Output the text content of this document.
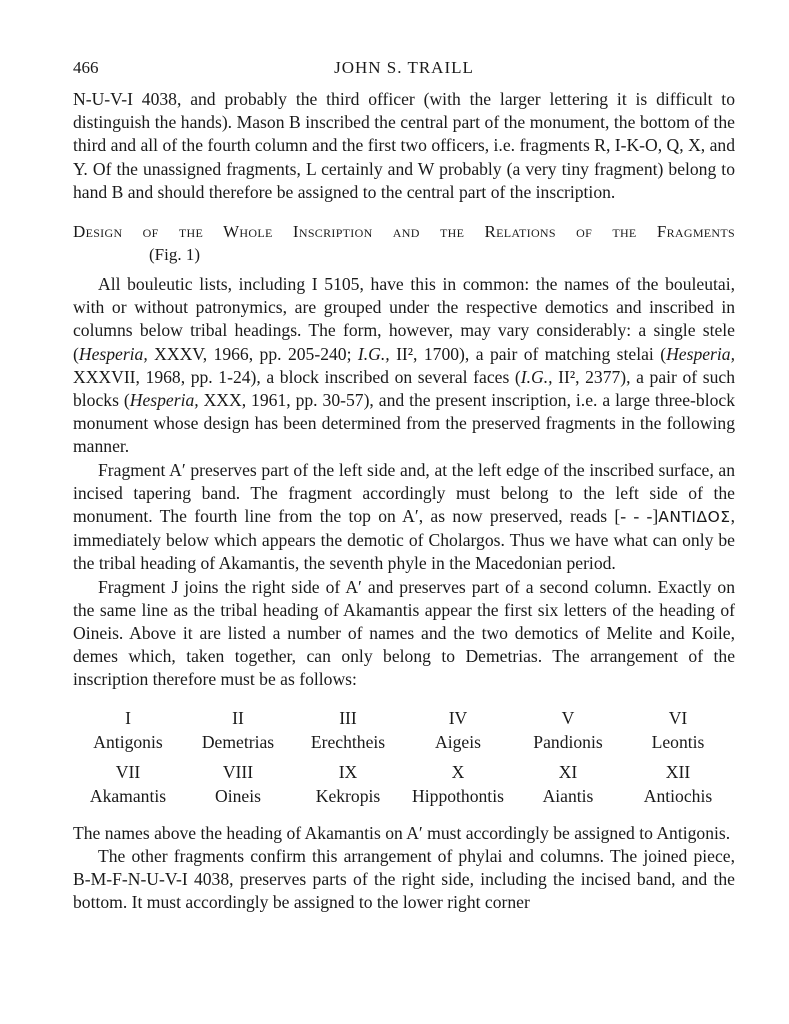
466	JOHN S. TRAILL

N-U-V-I 4038, and probably the third officer (with the larger lettering it is difficult to distinguish the hands). Mason B inscribed the central part of the monument, the bottom of the third and all of the fourth column and the first two officers, i.e. fragments R, I-K-O, Q, X, and Y. Of the unassigned fragments, L certainly and W probably (a very tiny fragment) belong to hand B and should therefore be assigned to the central part of the inscription.

Design of the Whole Inscription and the Relations of the Fragments
(Fig. 1)

All bouleutic lists, including I 5105, have this in common: the names of the bouleutai, with or without patronymics, are grouped under the respective demotics and inscribed in columns below tribal headings. The form, however, may vary considerably: a single stele (Hesperia, XXXV, 1966, pp. 205-240; I.G., II², 1700), a pair of matching stelai (Hesperia, XXXVII, 1968, pp. 1-24), a block inscribed on several faces (I.G., II², 2377), a pair of such blocks (Hesperia, XXX, 1961, pp. 30-57), and the present inscription, i.e. a large three-block monument whose design has been determined from the preserved fragments in the following manner.

Fragment A′ preserves part of the left side and, at the left edge of the inscribed surface, an incised tapering band. The fragment accordingly must belong to the left side of the monument. The fourth line from the top on A′, as now preserved, reads [- - -]ΑΝΤΙΔΟΣ, immediately below which appears the demotic of Cholargos. Thus we have what can only be the tribal heading of Akamantis, the seventh phyle in the Macedonian period.

Fragment J joins the right side of A′ and preserves part of a second column. Exactly on the same line as the tribal heading of Akamantis appear the first six letters of the heading of Oineis. Above it are listed a number of names and the two demotics of Melite and Koile, demes which, taken together, can only belong to Demetrias. The arrangement of the inscription therefore must be as follows:

I
Antigonis
II
Demetrias
III
Erechtheis
IV
Aigeis
V
Pandionis
VI
Leontis
VII
Akamantis
VIII
Oineis
IX
Kekropis
X
Hippothontis
XI
Aiantis
XII
Antiochis

The names above the heading of Akamantis on A′ must accordingly be assigned to Antigonis.

The other fragments confirm this arrangement of phylai and columns. The joined piece, B-M-F-N-U-V-I 4038, preserves parts of the right side, including the incised band, and the bottom. It must accordingly be assigned to the lower right corner
